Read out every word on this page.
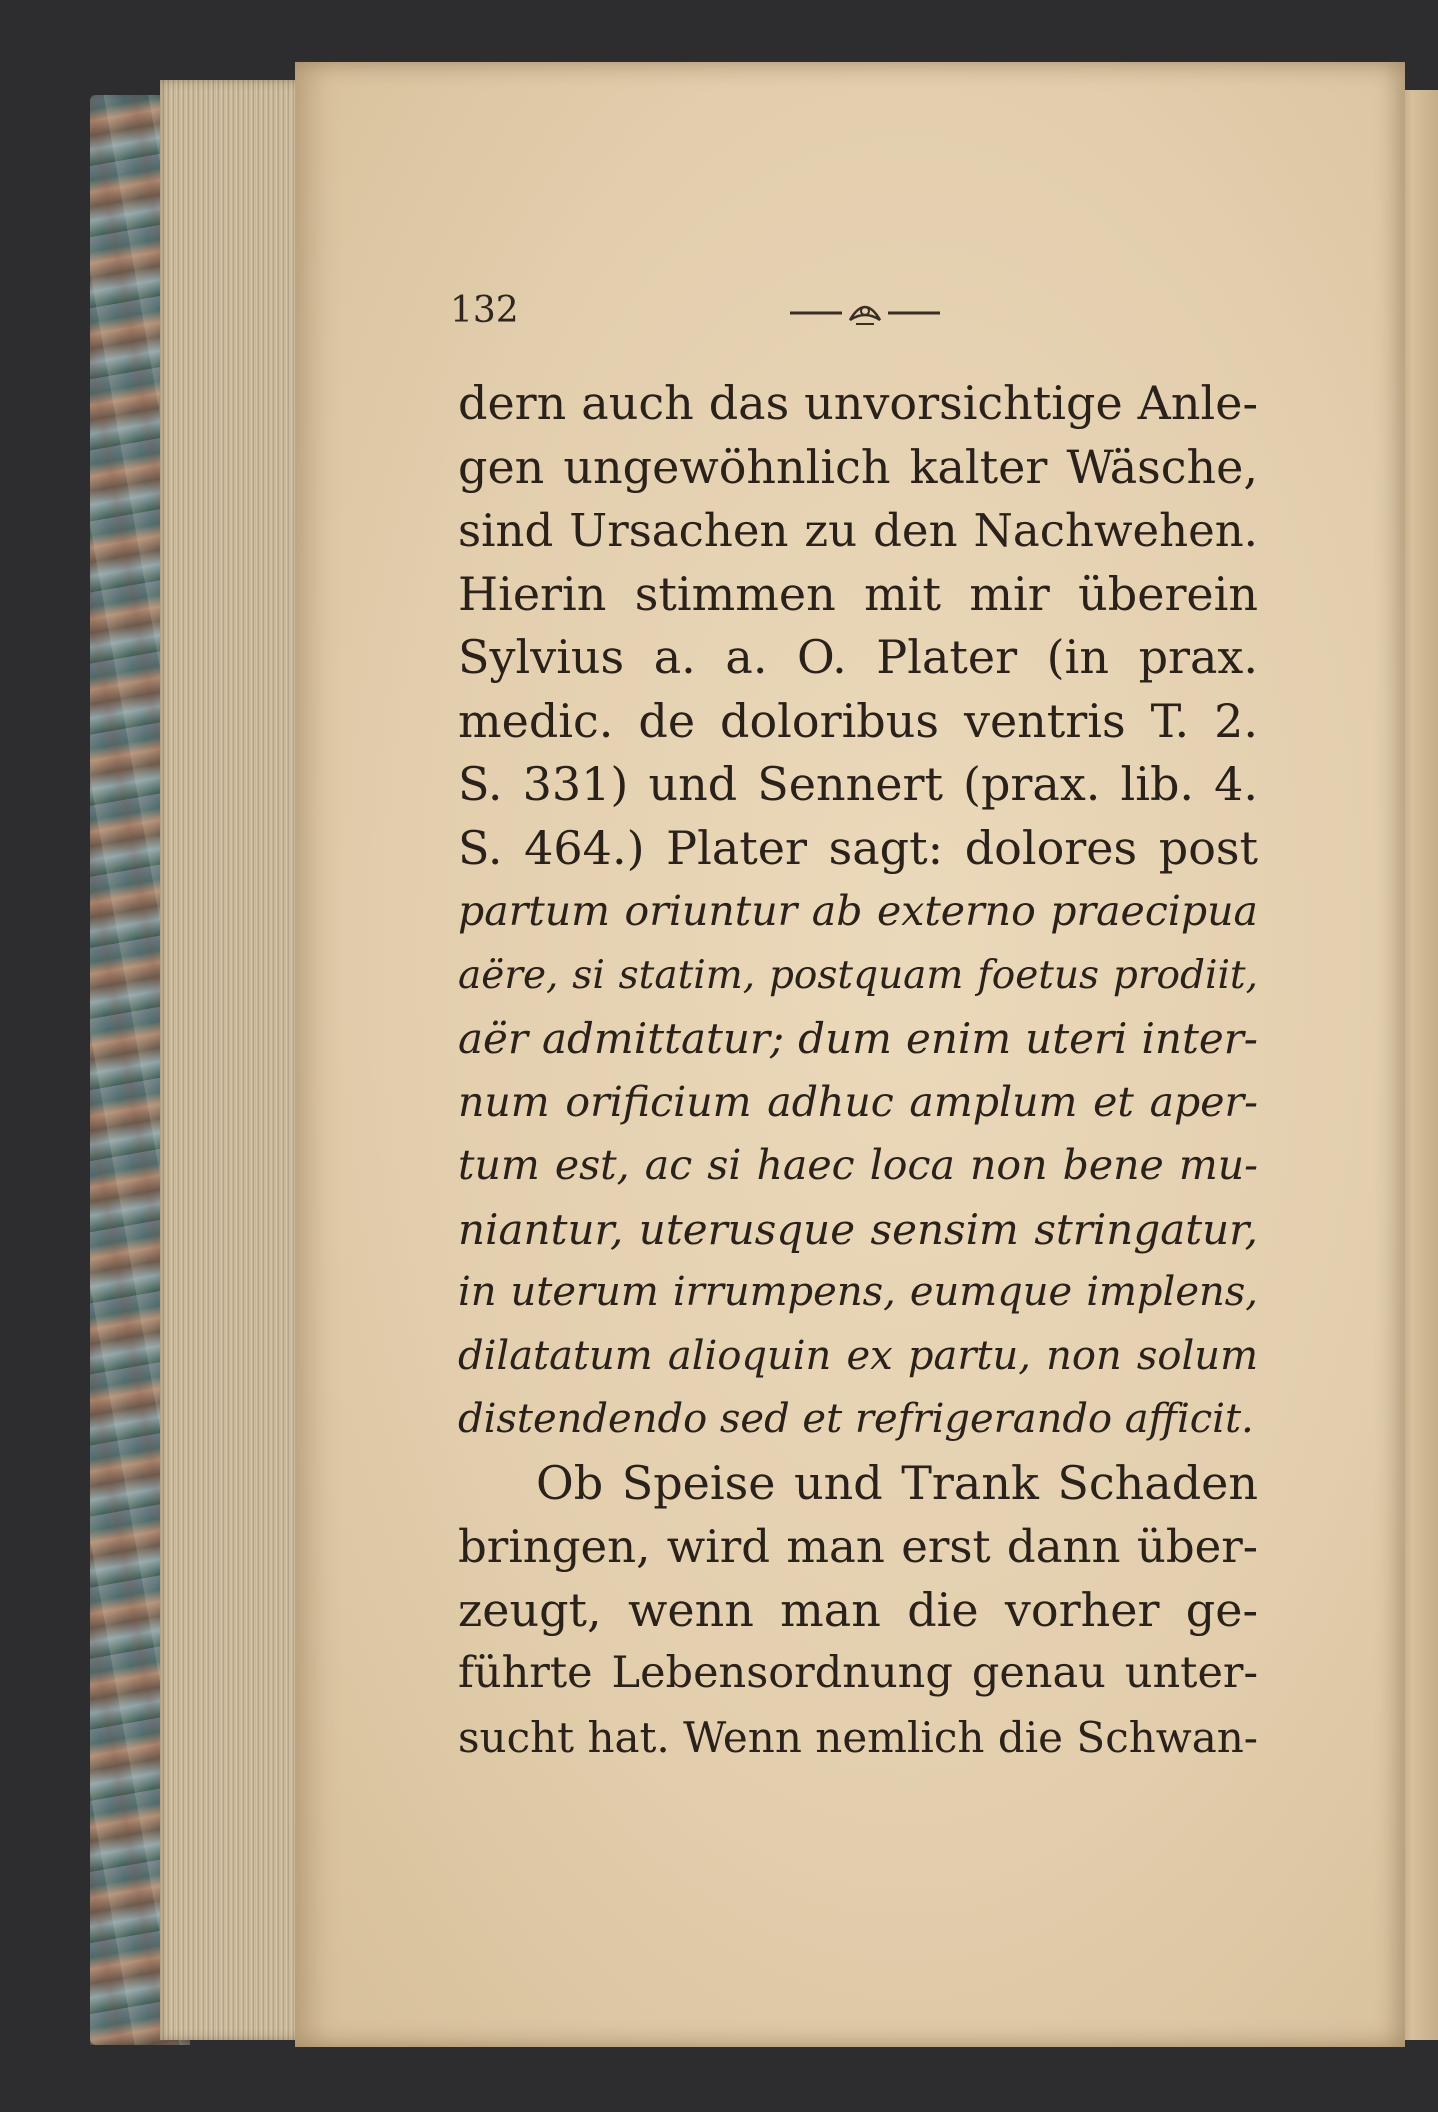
132
dern auch das unvorsichtige Anle-
gen ungewöhnlich kalter Wäsche,
sind Ursachen zu den Nachwehen.
Hierin stimmen mit mir überein
Sylvius a. a. O. Plater (in prax.
medic. de doloribus ventris T. 2.
S. 331) und Sennert (prax. lib. 4.
S. 464.) Plater sagt: dolores post
partum oriuntur ab externo praecipua
aëre, si statim, postquam foetus prodiit,
aër admittatur; dum enim uteri inter-
num orificium adhuc amplum et aper-
tum est, ac si haec loca non bene mu-
niantur, uterusque sensim stringatur,
in uterum irrumpens, eumque implens,
dilatatum alioquin ex partu, non solum
distendendo sed et refrigerando afficit.
Ob Speise und Trank Schaden
bringen, wird man erst dann über-
zeugt, wenn man die vorher ge-
führte Lebensordnung genau unter-
sucht hat. Wenn nemlich die Schwan-
